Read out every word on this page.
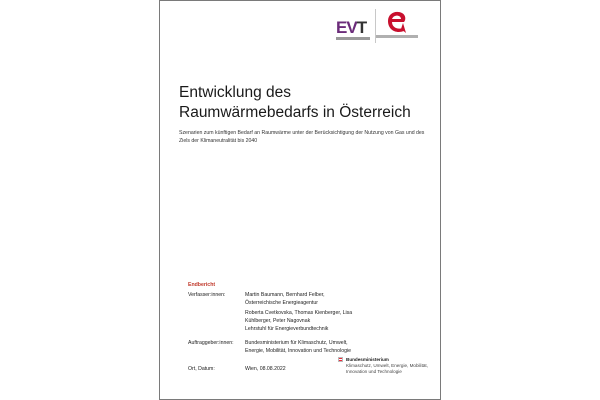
EVT
Entwicklung des Raumwärmebedarfs in Österreich

Szenarien zum künftigen Bedarf an Raumwärme unter der Berücksichtigung der Nutzung von Gas und des Ziels der Klimaneutralität bis 2040

Endbericht

Verfasser:innen:	Martin Baumann, Bernhard Felber, Österreichische Energieagentur
Roberta Cvetkovska, Thomas Kienberger, Lisa Kühlberger, Peter Nagovnak
Lehrstuhl für Energieverbundtechnik
Auftraggeber:innen:	Bundesministerium für Klimaschutz, Umwelt, Energie, Mobilität, Innovation und Technologie
Ort, Datum:	Wien, 08.08.2022
Bundesministerium
Klimaschutz, Umwelt, Energie, Mobilität, Innovation und Technologie
